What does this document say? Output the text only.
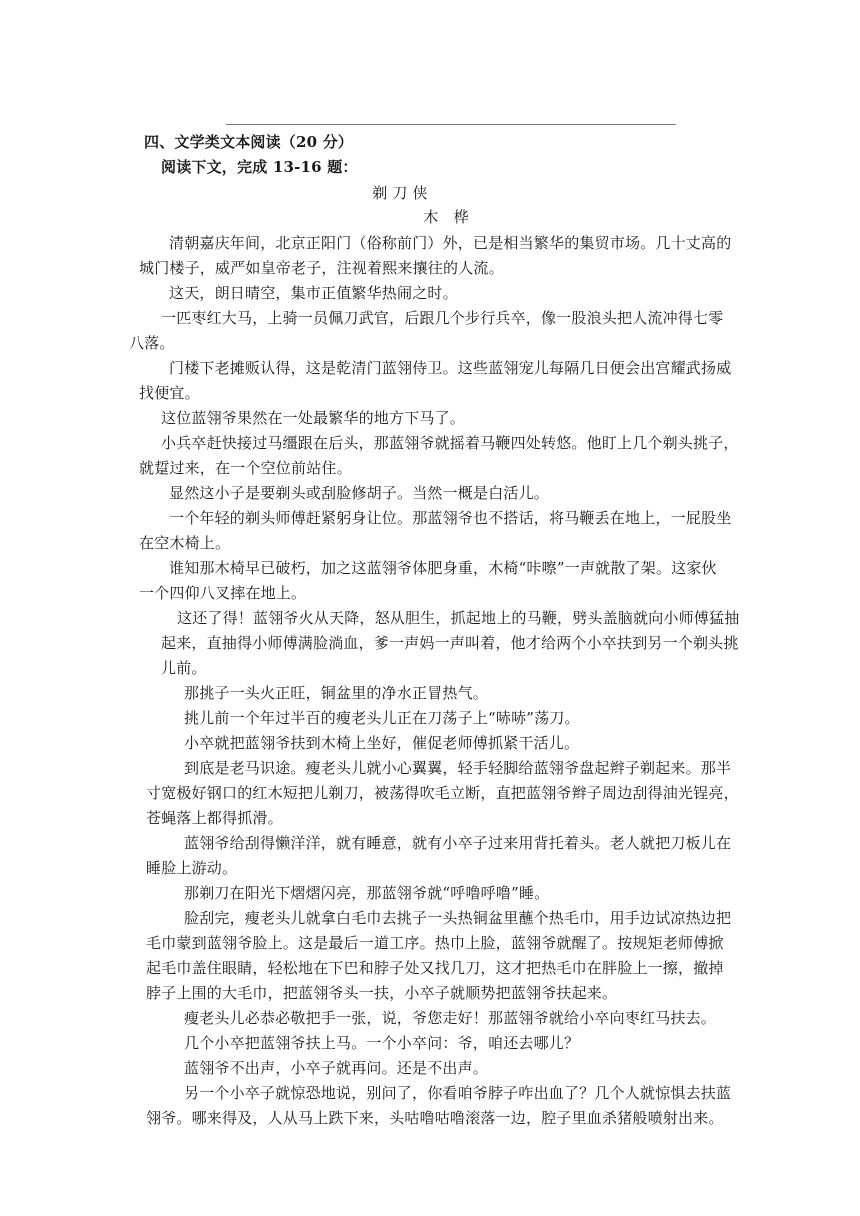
四、文学类文本阅读（20 分）
阅读下文，完成 13-16 题：
剃 刀 侠
木　桦
清朝嘉庆年间，北京正阳门（俗称前门）外，已是相当繁华的集贸市场。几十丈高的
城门楼子，威严如皇帝老子，注视着熙来攘往的人流。
这天，朗日晴空，集市正值繁华热闹之时。
一匹枣红大马，上骑一员佩刀武官，后跟几个步行兵卒，像一股浪头把人流冲得七零
八落。
门楼下老摊贩认得，这是乾清门蓝翎侍卫。这些蓝翎宠儿每隔几日便会出宫耀武扬威
找便宜。
这位蓝翎爷果然在一处最繁华的地方下马了。
小兵卒赶快接过马缰跟在后头，那蓝翎爷就摇着马鞭四处转悠。他盯上几个剃头挑子，
就踅过来，在一个空位前站住。
显然这小子是要剃头或刮脸修胡子。当然一概是白活儿。
一个年轻的剃头师傅赶紧躬身让位。那蓝翎爷也不搭话，将马鞭丢在地上，一屁股坐
在空木椅上。
谁知那木椅早已破朽，加之这蓝翎爷体肥身重，木椅“咔嚓”一声就散了架。这家伙
一个四仰八叉摔在地上。
这还了得！蓝翎爷火从天降，怒从胆生，抓起地上的马鞭，劈头盖脑就向小师傅猛抽
起来，直抽得小师傅满脸淌血，爹一声妈一声叫着，他才给两个小卒扶到另一个剃头挑
儿前。
那挑子一头火正旺，铜盆里的净水正冒热气。
挑儿前一个年过半百的瘦老头儿正在刀荡子上“哧哧”荡刀。
小卒就把蓝翎爷扶到木椅上坐好，催促老师傅抓紧干活儿。
到底是老马识途。瘦老头儿就小心翼翼，轻手轻脚给蓝翎爷盘起辫子剃起来。那半
寸宽极好钢口的红木短把儿剃刀，被荡得吹毛立断，直把蓝翎爷辫子周边刮得油光锃亮，
苍蝇落上都得抓滑。
蓝翎爷给刮得懒洋洋，就有睡意，就有小卒子过来用背托着头。老人就把刀板儿在
睡脸上游动。
那剃刀在阳光下熠熠闪亮，那蓝翎爷就“呼噜呼噜”睡。
脸刮完，瘦老头儿就拿白毛巾去挑子一头热铜盆里蘸个热毛巾，用手边试凉热边把
毛巾蒙到蓝翎爷脸上。这是最后一道工序。热巾上脸，蓝翎爷就醒了。按规矩老师傅掀
起毛巾盖住眼睛，轻松地在下巴和脖子处又找几刀，这才把热毛巾在胖脸上一擦，撤掉
脖子上围的大毛巾，把蓝翎爷头一扶，小卒子就顺势把蓝翎爷扶起来。
瘦老头儿必恭必敬把手一张，说，爷您走好！那蓝翎爷就给小卒向枣红马扶去。
几个小卒把蓝翎爷扶上马。一个小卒问：爷，咱还去哪儿？
蓝翎爷不出声，小卒子就再问。还是不出声。
另一个小卒子就惊恐地说，别问了，你看咱爷脖子咋出血了？几个人就惊惧去扶蓝
翎爷。哪来得及，人从马上跌下来，头咕噜咕噜滚落一边，腔子里血杀猪般喷射出来。
